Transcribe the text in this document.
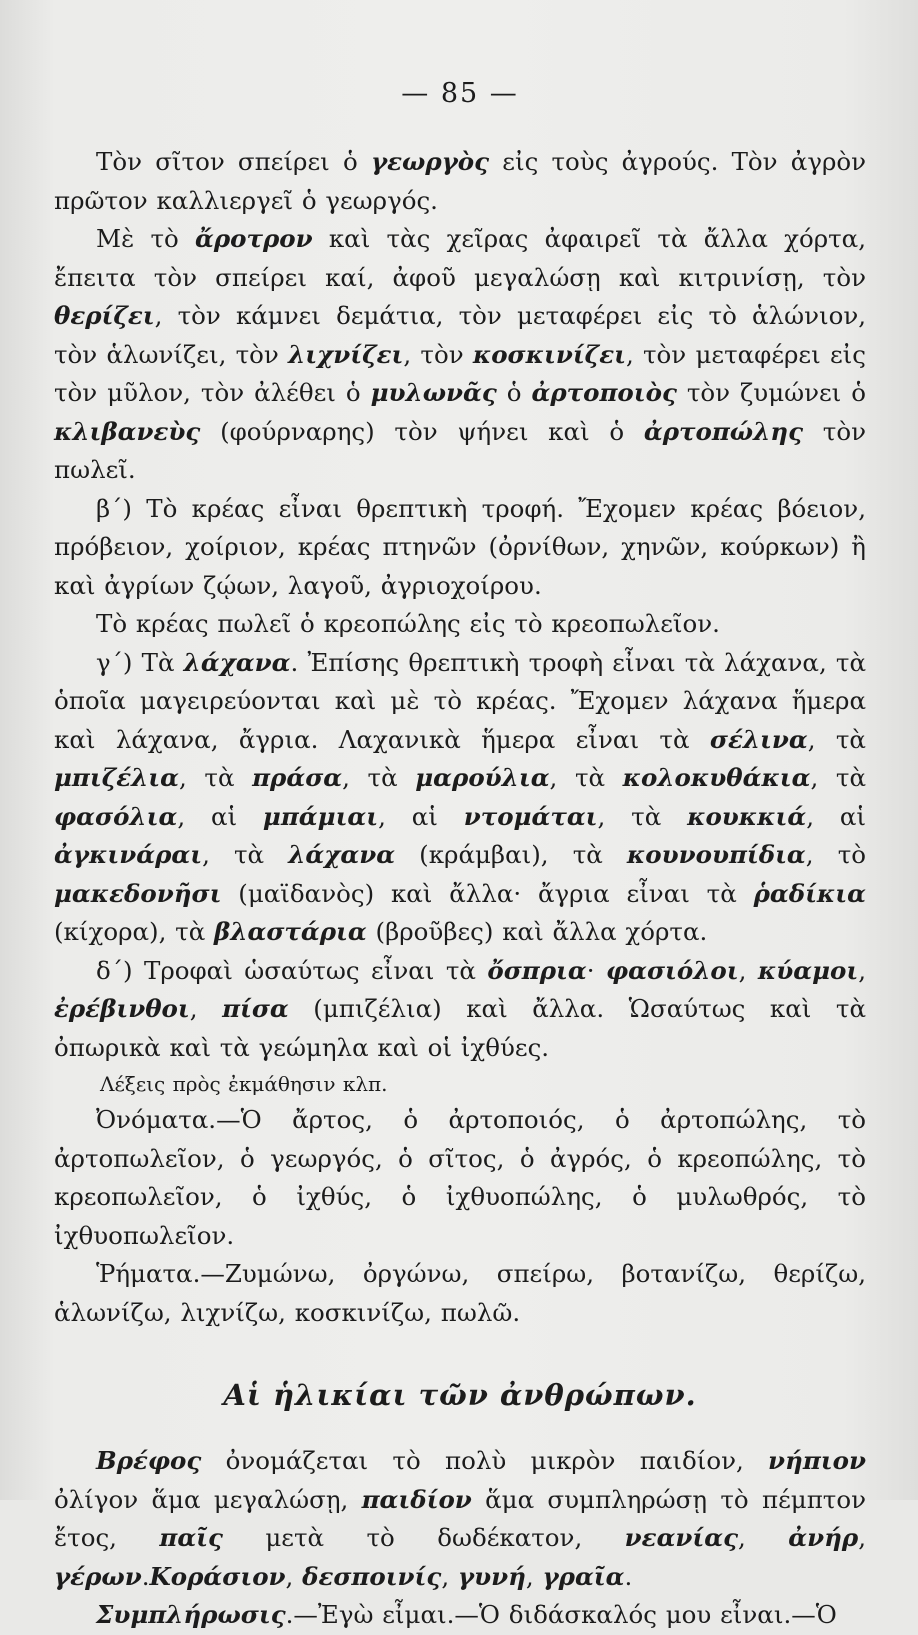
— 85 —

Τὸν σῖτον σπείρει ὁ γεωργὸς εἰς τοὺς ἀγρούς. Τὸν ἀγρὸν πρῶτον καλλιεργεῖ ὁ γεωργός.

Μὲ τὸ ἄροτρον καὶ τὰς χεῖρας ἀφαιρεῖ τὰ ἄλλα χόρτα, ἔπειτα τὸν σπείρει καί, ἀφοῦ μεγαλώσῃ καὶ κιτρινίσῃ, τὸν θερίζει, τὸν κάμνει δεμάτια, τὸν μεταφέρει εἰς τὸ ἁλώνιον, τὸν ἁλωνίζει, τὸν λιχνίζει, τὸν κοσκινίζει, τὸν μεταφέρει εἰς τὸν μῦλον, τὸν ἀλέθει ὁ μυλωνᾶς ὁ ἀρτοποιὸς τὸν ζυμώνει ὁ κλιβανεὺς (φούρναρης) τὸν ψήνει καὶ ὁ ἀρτοπώλης τὸν πωλεῖ.

β΄) Τὸ κρέας εἶναι θρεπτικὴ τροφή. Ἔχομεν κρέας βόειον, πρόβειον, χοίριον, κρέας πτηνῶν (ὀρνίθων, χηνῶν, κούρκων) ἢ καὶ ἀγρίων ζῴων, λαγοῦ, ἀγριοχοίρου.

Τὸ κρέας πωλεῖ ὁ κρεοπώλης εἰς τὸ κρεοπωλεῖον.

γ΄) Τὰ λάχανα. Ἐπίσης θρεπτικὴ τροφὴ εἶναι τὰ λάχανα, τὰ ὁποῖα μαγειρεύονται καὶ μὲ τὸ κρέας. Ἔχομεν λάχανα ἥμερα καὶ λάχανα, ἄγρια. Λαχανικὰ ἥμερα εἶναι τὰ σέλινα, τὰ μπιζέλια, τὰ πράσα, τὰ μαρούλια, τὰ κολοκυθάκια, τὰ φασόλια, αἱ μπάμιαι, αἱ ντομάται, τὰ κουκκιά, αἱ ἀγκινάραι, τὰ λάχανα (κράμβαι), τὰ κουνουπίδια, τὸ μακεδονῆσι (μαϊδανὸς) καὶ ἄλλα· ἄγρια εἶναι τὰ ῥαδίκια (κίχορα), τὰ βλαστάρια (βροῦβες) καὶ ἄλλα χόρτα.

δ΄) Τροφαὶ ὡσαύτως εἶναι τὰ ὄσπρια· φασιόλοι, κύαμοι, ἐρέβινθοι, πίσα (μπιζέλια) καὶ ἄλλα. Ὡσαύτως καὶ τὰ ὀπωρικὰ καὶ τὰ γεώμηλα καὶ οἱ ἰχθύες.

Λέξεις πρὸς ἐκμάθησιν κλπ.

Ὀνόματα.—Ὁ ἄρτος, ὁ ἀρτοποιός, ὁ ἀρτοπώλης, τὸ ἀρτοπωλεῖον, ὁ γεωργός, ὁ σῖτος, ὁ ἀγρός, ὁ κρεοπώλης, τὸ κρεοπωλεῖον, ὁ ἰχθύς, ὁ ἰχθυοπώλης, ὁ μυλωθρός, τὸ ἰχθυοπωλεῖον.

Ῥήματα.—Ζυμώνω, ὀργώνω, σπείρω, βοτανίζω, θερίζω, ἁλωνίζω, λιχνίζω, κοσκινίζω, πωλῶ.

Αἱ ἡλικίαι τῶν ἀνθρώπων.

Βρέφος ὀνομάζεται τὸ πολὺ μικρὸν παιδίον, νήπιον ὀλίγον ἅμα μεγαλώσῃ, παιδίον ἅμα συμπληρώσῃ τὸ πέμπτον ἔτος, παῖς μετὰ τὸ δωδέκατον, νεανίας, ἀνήρ, γέρων.Κοράσιον, δεσποινίς, γυνή, γραῖα.

Συμπλήρωσις.—Ἐγὼ εἶμαι.—Ὁ διδάσκαλός μου εἶναι.—Ὁ
